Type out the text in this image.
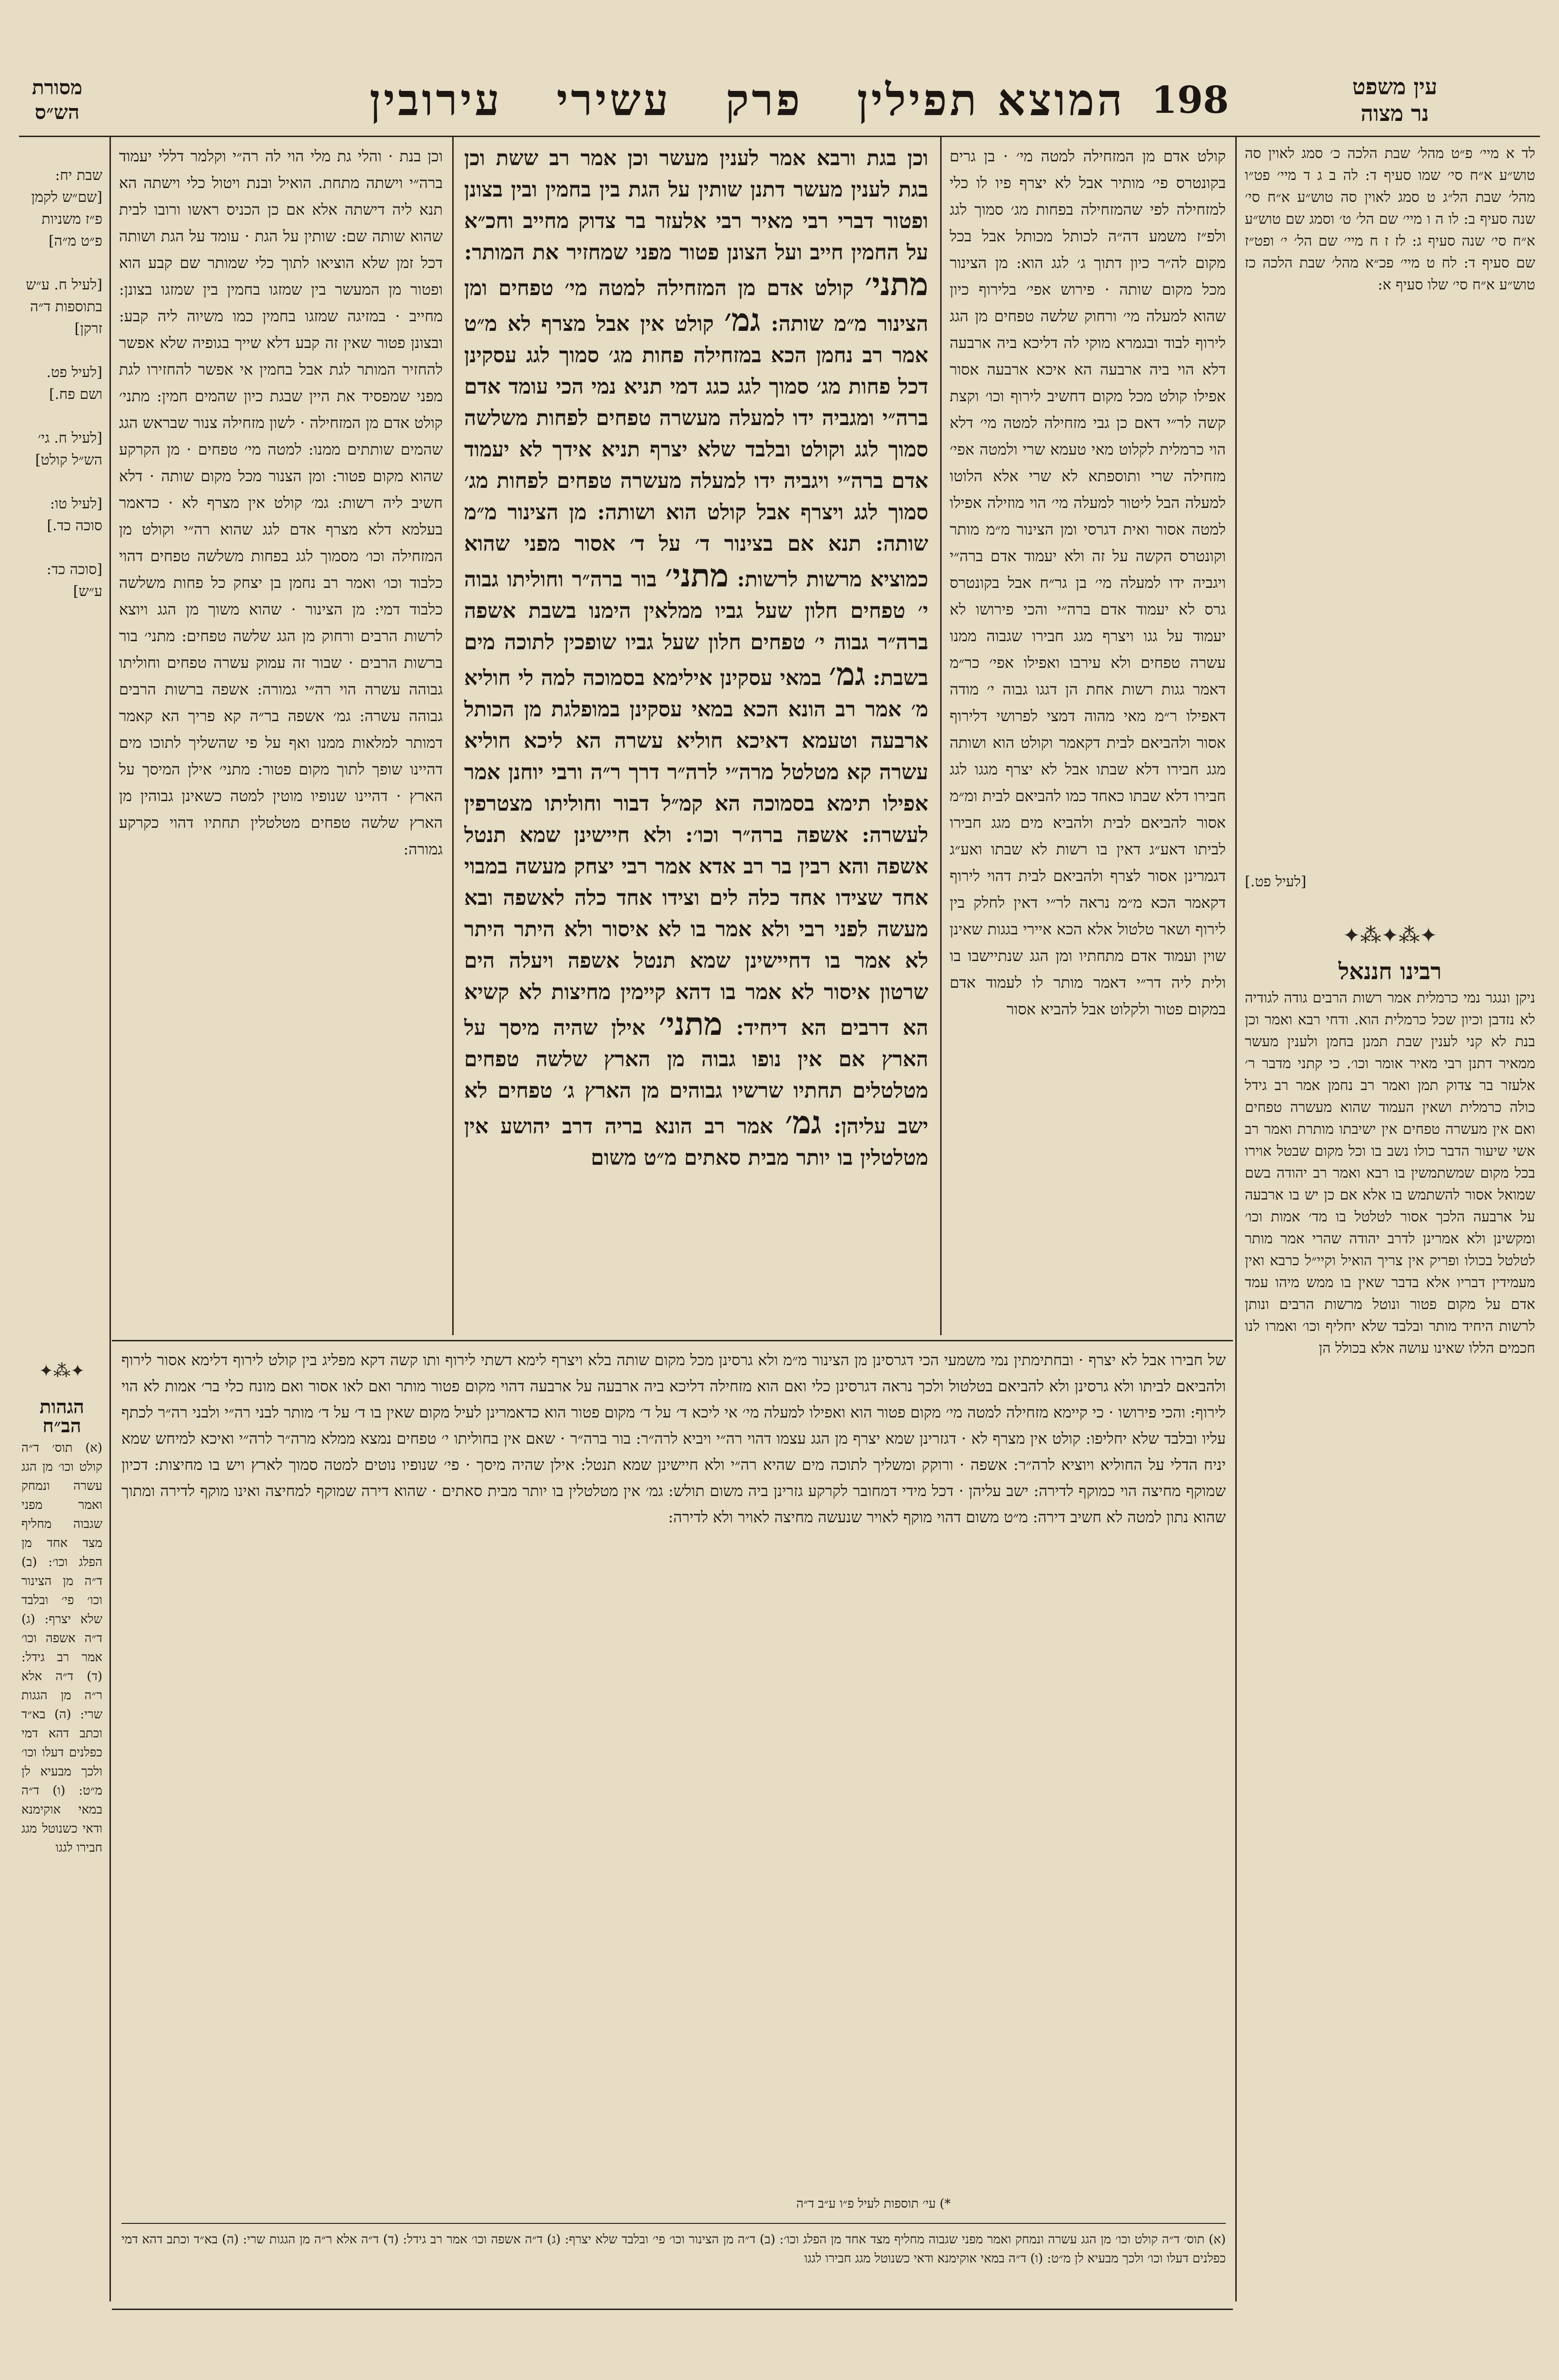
עין משפט
נר מצוה
198
המוצא תפילין   פרק   עשירי   עירובין
מסורת
הש״ס
לד א מיי׳ פ״ט מהל׳ שבת הלכה כ׳ סמג לאוין סה טוש״ע א״ח סי׳ שמו סעיף ד: לה ב ג ד מיי׳ פט״ו מהל׳ שבת הל״ג ט סמג לאוין סה טוש״ע א״ח סי׳ שנה סעיף ב: לו ה ו מיי׳ שם הל׳ ט׳ וסמג שם טוש״ע א״ח סי׳ שנה סעיף ג: לז ז ח מיי׳ שם הל׳ י׳ ופט״ז שם סעיף ד: לח ט מיי׳ פכ״א מהל׳ שבת הלכה כז טוש״ע א״ח סי׳ שלו סעיף א:
[לעיל פט.]
✦⁂✦⁂✦
רבינו חננאל
ניקן ונגגר נמי כרמלית אמר רשות הרבים גודה לגודיה לא נזדבן וכיון שכל כרמלית הוא. ודחי רבא ואמר וכן בנת לא קני לענין שבת תמנן בחמן ולענין מעשר ממאיר דתנן רבי מאיר אומר וכו׳. כי קתני מדבר ר׳ אלעזר בר צדוק תמן ואמר רב נחמן אמר רב גידל כולה כרמלית ושאין העמוד שהוא מעשרה טפחים ואם אין מעשרה טפחים אין ישיבתו מותרת ואמר רב אשי שיעור הדבר כולו נשב בו וכל מקום שבטל אוירו בכל מקום שמשתמשין בו רבא ואמר רב יהודה בשם שמואל אסור להשתמש בו אלא אם כן יש בו ארבעה על ארבעה הלכך אסור לטלטל בו מד׳ אמות וכו׳ ומקשינן ולא אמרינן לדרב יהודה שהרי אמר מותר לטלטל בכולו ופריק אין צריך הואיל וקיי״ל כרבא ואין מעמידין דבריו אלא בדבר שאין בו ממש מיהו עמד אדם על מקום פטור ונוטל מרשות הרבים ונותן לרשות היחיד מותר ובלבד שלא יחליף וכו׳ ואמרו לנו חכמים הללו שאינו עושה אלא בכולל הן
קולט אדם מן המזחילה למטה מי׳ · בן גרים בקונטרס פי׳ מותיר אבל לא יצרף פיו לו כלי למזחילה לפי שהמזחילה בפחות מג׳ סמוך לגג ולפ״ז משמע דה״ה לכותל מכותל אבל בכל מקום לה״ר כיון דתוך ג׳ לגג הוא: מן הצינור מכל מקום שותה · פירוש אפי׳ בלירוף כיון שהוא למעלה מי׳ ורחוק שלשה טפחים מן הגג לירוף לבוד ובגמרא מוקי לה דליכא ביה ארבעה דלא הוי ביה ארבעה הא איכא ארבעה אסור אפילו קולט מכל מקום דחשיב לירוף וכו׳ וקצת קשה לר״י דאם כן גבי מזחילה למטה מי׳ דלא הוי כרמלית לקלוט מאי טעמא שרי ולמטה אפי׳ מזחילה שרי ותוספתא לא שרי אלא הלוטו למעלה הבל ליטור למעלה מי׳ הוי מוזילה אפילו למטה אסור ואית דגרסי ומן הצינור מ״מ מותר וקונטרס הקשה על זה ולא יעמוד אדם ברה״י ויגביה ידו למעלה מי׳ בן גר״ח אבל בקונטרס גרס לא יעמוד אדם ברה״י והכי פירושו לא יעמוד על גגו ויצרף מגג חבירו שגבוה ממנו עשרה טפחים ולא עירבו ואפילו אפי׳ כר״מ דאמר גגות רשות אחת הן דגגו גבוה י׳ מודה דאפילו ר״מ מאי מהוה דמצי לפרושי דלירוף אסור ולהביאם לבית דקאמר וקולט הוא ושותה מגג חבירו דלא שבתו אבל לא יצרף מגגו לגג חבירו דלא שבתו כאחד כמו להביאם לבית ומ״מ אסור להביאם לבית ולהביא מים מגג חבירו לביתו דאע״ג דאין בו רשות לא שבתו ואע״ג דגמרינן אסור לצרף ולהביאם לבית דהוי לירוף דקאמר הכא מ״מ נראה לר״י דאין לחלק בין לירוף ושאר טלטול אלא הכא איירי בגגות שאינן שוין ועמוד אדם מתחתיו ומן הגג שנתיישבו בו ולית ליה דר״י דאמר מותר לו לעמוד אדם במקום פטור ולקלוט אבל להביא אסור
וכן בגת ורבא אמר לענין מעשר וכן אמר רב ששת וכן בגת לענין מעשר דתנן שותין על הגת בין בחמין ובין בצונן ופטור דברי רבי מאיר רבי אלעזר בר צדוק מחייב וחכ״א על החמין חייב ועל הצונן פטור מפני שמחזיר את המותר: מתני׳ קולט אדם מן המזחילה למטה מי׳ טפחים ומן הצינור מ״מ שותה: גמ׳ קולט אין אבל מצרף לא מ״ט אמר רב נחמן הכא במזחילה פחות מג׳ סמוך לגג עסקינן דכל פחות מג׳ סמוך לגג כגג דמי תניא נמי הכי עומד אדם ברה״י ומגביה ידו למעלה מעשרה טפחים לפחות משלשה סמוך לגג וקולט ובלבד שלא יצרף תניא אידך לא יעמוד אדם ברה״י ויגביה ידו למעלה מעשרה טפחים לפחות מג׳ סמוך לגג ויצרף אבל קולט הוא ושותה: מן הצינור מ״מ שותה: תנא אם בצינור ד׳ על ד׳ אסור מפני שהוא כמוציא מרשות לרשות: מתני׳ בור ברה״ר וחוליתו גבוה י׳ טפחים חלון שעל גביו ממלאין הימנו בשבת אשפה ברה״ר גבוה י׳ טפחים חלון שעל גביו שופכין לתוכה מים בשבת: גמ׳ במאי עסקינן אילימא בסמוכה למה לי חוליא מ׳ אמר רב הונא הכא במאי עסקינן במופלגת מן הכותל ארבעה וטעמא דאיכא חוליא עשרה הא ליכא חוליא עשרה קא מטלטל מרה״י לרה״ר דרך ר״ה ורבי יוחנן אמר אפילו תימא בסמוכה הא קמ״ל דבור וחוליתו מצטרפין לעשרה: אשפה ברה״ר וכו׳: ולא חיישינן שמא תנטל אשפה והא רבין בר רב אדא אמר רבי יצחק מעשה במבוי אחד שצידו אחד כלה לים וצידו אחד כלה לאשפה ובא מעשה לפני רבי ולא אמר בו לא איסור ולא היתר היתר לא אמר בו דחיישינן שמא תנטל אשפה ויעלה הים שרטון איסור לא אמר בו דהא קיימין מחיצות לא קשיא הא דרבים הא דיחיד: מתני׳ אילן שהיה מיסך על הארץ אם אין נופו גבוה מן הארץ שלשה טפחים מטלטלים תחתיו שרשיו גבוהים מן הארץ ג׳ טפחים לא ישב עליהן: גמ׳ אמר רב הונא בריה דרב יהושע אין מטלטלין בו יותר מבית סאתים מ״ט משום
וכן בנת · והלי גת מלי הוי לה רה״י וקלמר דללי יעמוד ברה״י וישתה מתחת. הואיל ובנת ויטול כלי וישתה הא תנא ליה דישתה אלא אם כן הכניס ראשו ורובו לבית שהוא שותה שם: שותין על הגת · עומד על הגת ושותה דכל זמן שלא הוציאו לתוך כלי שמותר שם קבע הוא ופטור מן המעשר בין שמזגו בחמין בין שמזגו בצונן: מחייב · במזיגה שמזגו בחמין כמו משיוה ליה קבע: ובצונן פטור שאין זה קבע דלא שייך בגופיה שלא אפשר להחזיר המותר לגת אבל בחמין אי אפשר להחזירו לגת מפני שמפסיד את היין שבגת כיון שהמים חמין: מתני׳ קולט אדם מן המזחילה · לשון מזחילה צנור שבראש הגג שהמים שותתים ממנו: למטה מי׳ טפחים · מן הקרקע שהוא מקום פטור: ומן הצנור מכל מקום שותה · דלא חשיב ליה רשות: גמ׳ קולט אין מצרף לא · כדאמר בעלמא דלא מצרף אדם לגג שהוא רה״י וקולט מן המזחילה וכו׳ מסמוך לגג בפחות משלשה טפחים דהוי כלבוד וכו׳ ואמר רב נחמן בן יצחק כל פחות משלשה כלבוד דמי: מן הצינור · שהוא משוך מן הגג ויוצא לרשות הרבים ורחוק מן הגג שלשה טפחים: מתני׳ בור ברשות הרבים · שבור זה עמוק עשרה טפחים וחוליתו גבוהה עשרה הוי רה״י גמורה: אשפה ברשות הרבים גבוהה עשרה: גמ׳ אשפה בר״ה קא פריך הא קאמר דמותר למלאות ממנו ואף על פי שהשליך לתוכו מים דהיינו שופך לתוך מקום פטור: מתני׳ אילן המיסך על הארץ · דהיינו שנופיו מוטין למטה כשאינן גבוהין מן הארץ שלשה טפחים מטלטלין תחתיו דהוי כקרקע גמורה:
של חבירו אבל לא יצרף · ובחתימתין נמי משמעי הכי דגרסינן מן הצינור מ״מ ולא גרסינן מכל מקום שותה בלא ויצרף לימא דשתי לירוף ותו קשה דקא מפליג בין קולט לירוף דלימא אסור לירוף ולהביאם לביתו ולא גרסינן ולא להביאם בטלטול ולכך נראה דגרסינן כלי ואם הוא מזחילה דליכא ביה ארבעה על ארבעה דהוי מקום פטור מותר ואם לאו אסור ואם מונח כלי בר׳ אמות לא הוי לירוף: והכי פירושו · כי קיימא מזחילה למטה מי׳ מקום פטור הוא ואפילו למעלה מי׳ אי ליכא ד׳ על ד׳ מקום פטור הוא כדאמרינן לעיל מקום שאין בו ד׳ על ד׳ מותר לבני רה״י ולבני רה״ר לכתף עליו ובלבד שלא יחליפו: קולט אין מצרף לא · דגזרינן שמא יצרף מן הגג עצמו דהוי רה״י ויביא לרה״ר: בור ברה״ר · שאם אין בחוליתו י׳ טפחים נמצא ממלא מרה״ר לרה״י ואיכא למיחש שמא יניח הדלי על החוליא ויוציא לרה״ר: אשפה · ורוקק ומשליך לתוכה מים שהיא רה״י ולא חיישינן שמא תנטל: אילן שהיה מיסך · פי׳ שנופיו נוטים למטה סמוך לארץ ויש בו מחיצות: דכיון שמוקף מחיצה הוי כמוקף לדירה: ישב עליהן · דכל מידי דמחובר לקרקע גזרינן ביה משום תולש: גמ׳ אין מטלטלין בו יותר מבית סאתים · שהוא דירה שמוקף למחיצה ואינו מוקף לדירה ומתוך שהוא נתון למטה לא חשיב דירה: מ״ט משום דהוי מוקף לאויר שנעשה מחיצה לאויר ולא לדירה:
*) עי׳ תוספות לעיל פ״ו ע״ב ד״ה
(א) תוס׳ ד״ה קולט וכו׳ מן הגג עשרה ונמחק ואמר מפני שגבוה מחליף מצד אחד מן הפלג וכו׳: (ב) ד״ה מן הצינור וכו׳ פי׳ ובלבד שלא יצרף: (ג) ד״ה אשפה וכו׳ אמר רב גידל: (ד) ד״ה אלא ר״ה מן הגגות שרי: (ה) בא״ד וכתב דהא דמי כפלנים דעלו וכו׳ ולכך מבעיא לן מ״ט: (ו) ד״ה במאי אוקימנא ודאי כשנוטל מגג חבירו לגגו

שבת יח: [שם״ש לקמן פ״ז משניות פ״ט מ״ה]

[לעיל ח. ע״ש בתוספות ד״ה זרקן]

[לעיל פט. ושם פח.]

[לעיל ח. גי׳ הש״ל קולט]

[לעיל טו: סוכה כד.]

[סוכה כד: ע״ש]

✦⁂✦
הגהות
הב״ח
(א) תוס׳ ד״ה קולט וכו׳ מן הגג עשרה ונמחק ואמר מפני שגבוה מחליף מצד אחד מן הפלג וכו׳: (ב) ד״ה מן הצינור וכו׳ פי׳ ובלבד שלא יצרף: (ג) ד״ה אשפה וכו׳ אמר רב גידל: (ד) ד״ה אלא ר״ה מן הגגות שרי: (ה) בא״ד וכתב דהא דמי כפלנים דעלו וכו׳ ולכך מבעיא לן מ״ט: (ו) ד״ה במאי אוקימנא ודאי כשנוטל מגג חבירו לגגו
